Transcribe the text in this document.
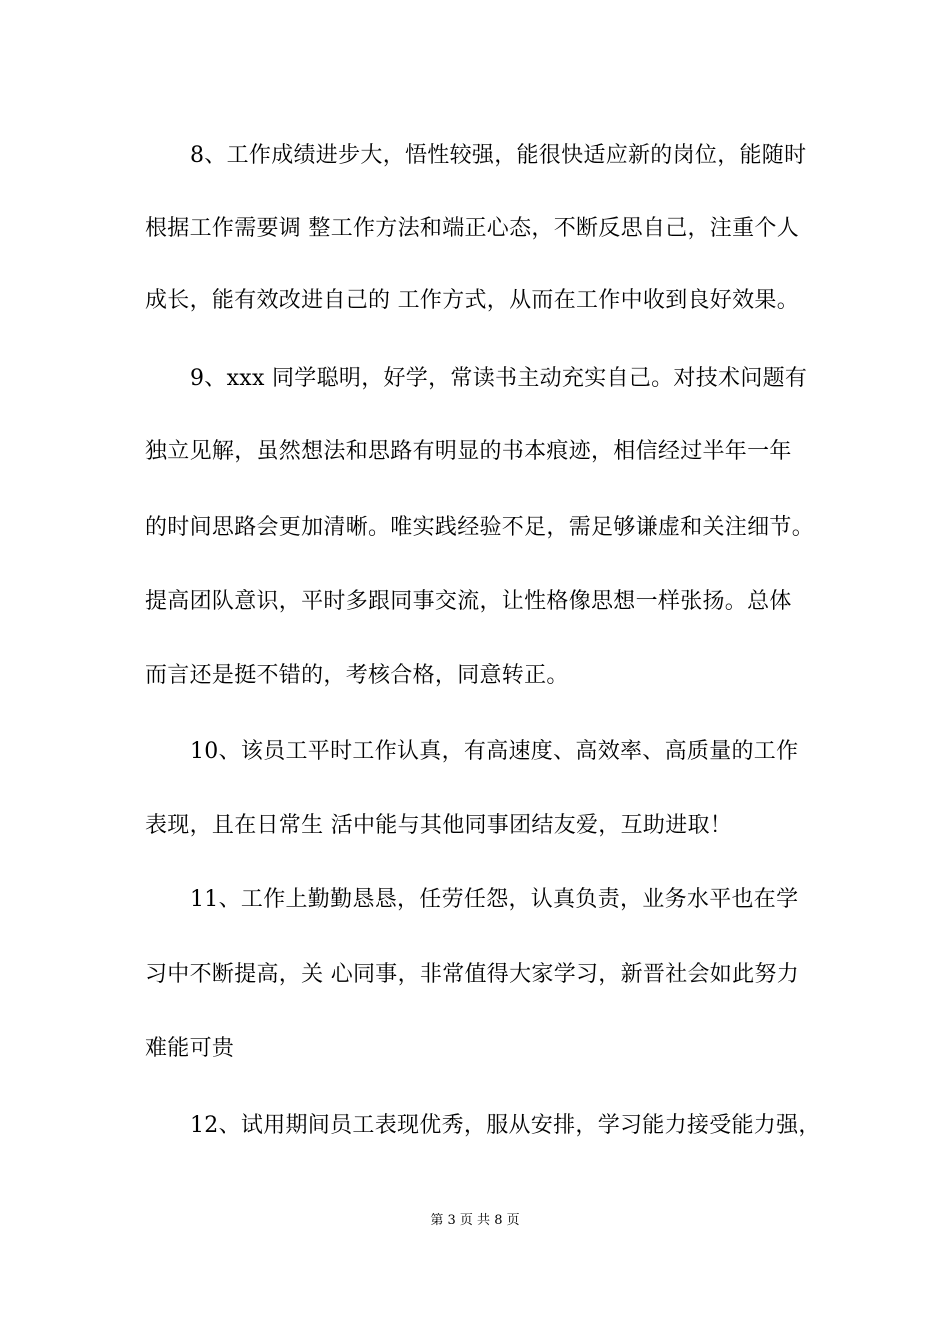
8、工作成绩进步大，悟性较强，能很快适应新的岗位，能随时
根据工作需要调 整工作方法和端正心态，不断反思自己，注重个人
成长，能有效改进自己的 工作方式，从而在工作中收到良好效果。
9、xxx 同学聪明，好学，常读书主动充实自己。对技术问题有
独立见解，虽然想法和思路有明显的书本痕迹，相信经过半年一年
的时间思路会更加清晰。唯实践经验不足，需足够谦虚和关注细节。
提高团队意识，平时多跟同事交流，让性格像思想一样张扬。总体
而言还是挺不错的，考核合格，同意转正。
10、该员工平时工作认真，有高速度、高效率、高质量的工作
表现，且在日常生 活中能与其他同事团结友爱，互助进取！
11、工作上勤勤恳恳，任劳任怨，认真负责，业务水平也在学
习中不断提高，关 心同事，非常值得大家学习，新晋社会如此努力
难能可贵
12、试用期间员工表现优秀，服从安排，学习能力接受能力强，
第 3 页 共 8 页
